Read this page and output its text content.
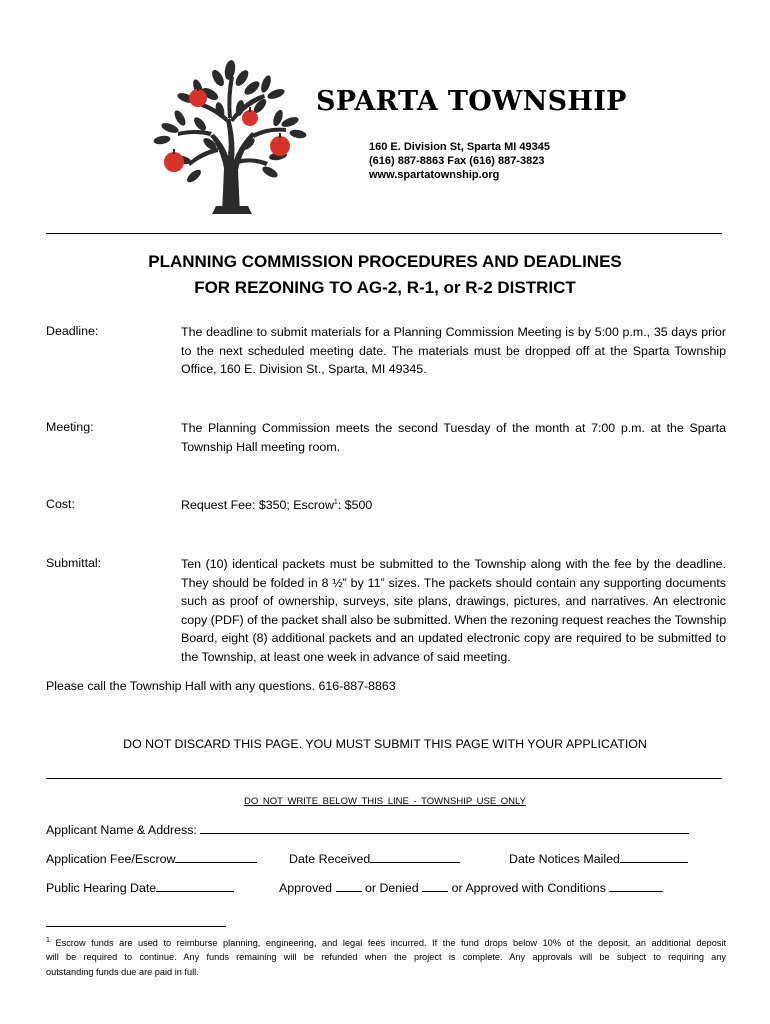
SPARTA TOWNSHIP
160 E. Division St, Sparta MI 49345
(616) 887-8863 Fax (616) 887-3823
www.spartatownship.org
PLANNING COMMISSION PROCEDURES AND DEADLINES
FOR REZONING TO AG-2, R-1, or R-2 DISTRICT
Deadline:	The deadline to submit materials for a Planning Commission Meeting is by 5:00 p.m., 35 days prior
to the next scheduled meeting date. The materials must be dropped off at the Sparta Township
Office, 160 E. Division St., Sparta, MI 49345.
Meeting:	The Planning Commission meets the second Tuesday of the month at 7:00 p.m. at the Sparta
Township Hall meeting room.
Cost:	Request Fee: $350; Escrow$^1$: $500
Submittal:	Ten (10) identical packets must be submitted to the Township along with the fee by the deadline.
They should be folded in 8 ½” by 11” sizes. The packets should contain any supporting documents
such as proof of ownership, surveys, site plans, drawings, pictures, and narratives. An electronic
copy (PDF) of the packet shall also be submitted. When the rezoning request reaches the Township
Board, eight (8) additional packets and an updated electronic copy are required to be submitted to
the Township, at least one week in advance of said meeting.
Please call the Township Hall with any questions. 616-887-8863
DO NOT DISCARD THIS PAGE. YOU MUST SUBMIT THIS PAGE WITH YOUR APPLICATION
DO NOT WRITE BELOW THIS LINE - TOWNSHIP USE ONLY
Applicant Name & Address:
Application Fee/Escrow	Date Received	Date Notices Mailed
Public Hearing Date	Approved	or Denied	or Approved with Conditions
$^1$ Escrow funds are used to reimburse planning, engineering, and legal fees incurred. If the fund drops below 10% of the deposit, an additional deposit
will be required to continue. Any funds remaining will be refunded when the project is complete. Any approvals will be subject to requiring any
outstanding funds due are paid in full.
